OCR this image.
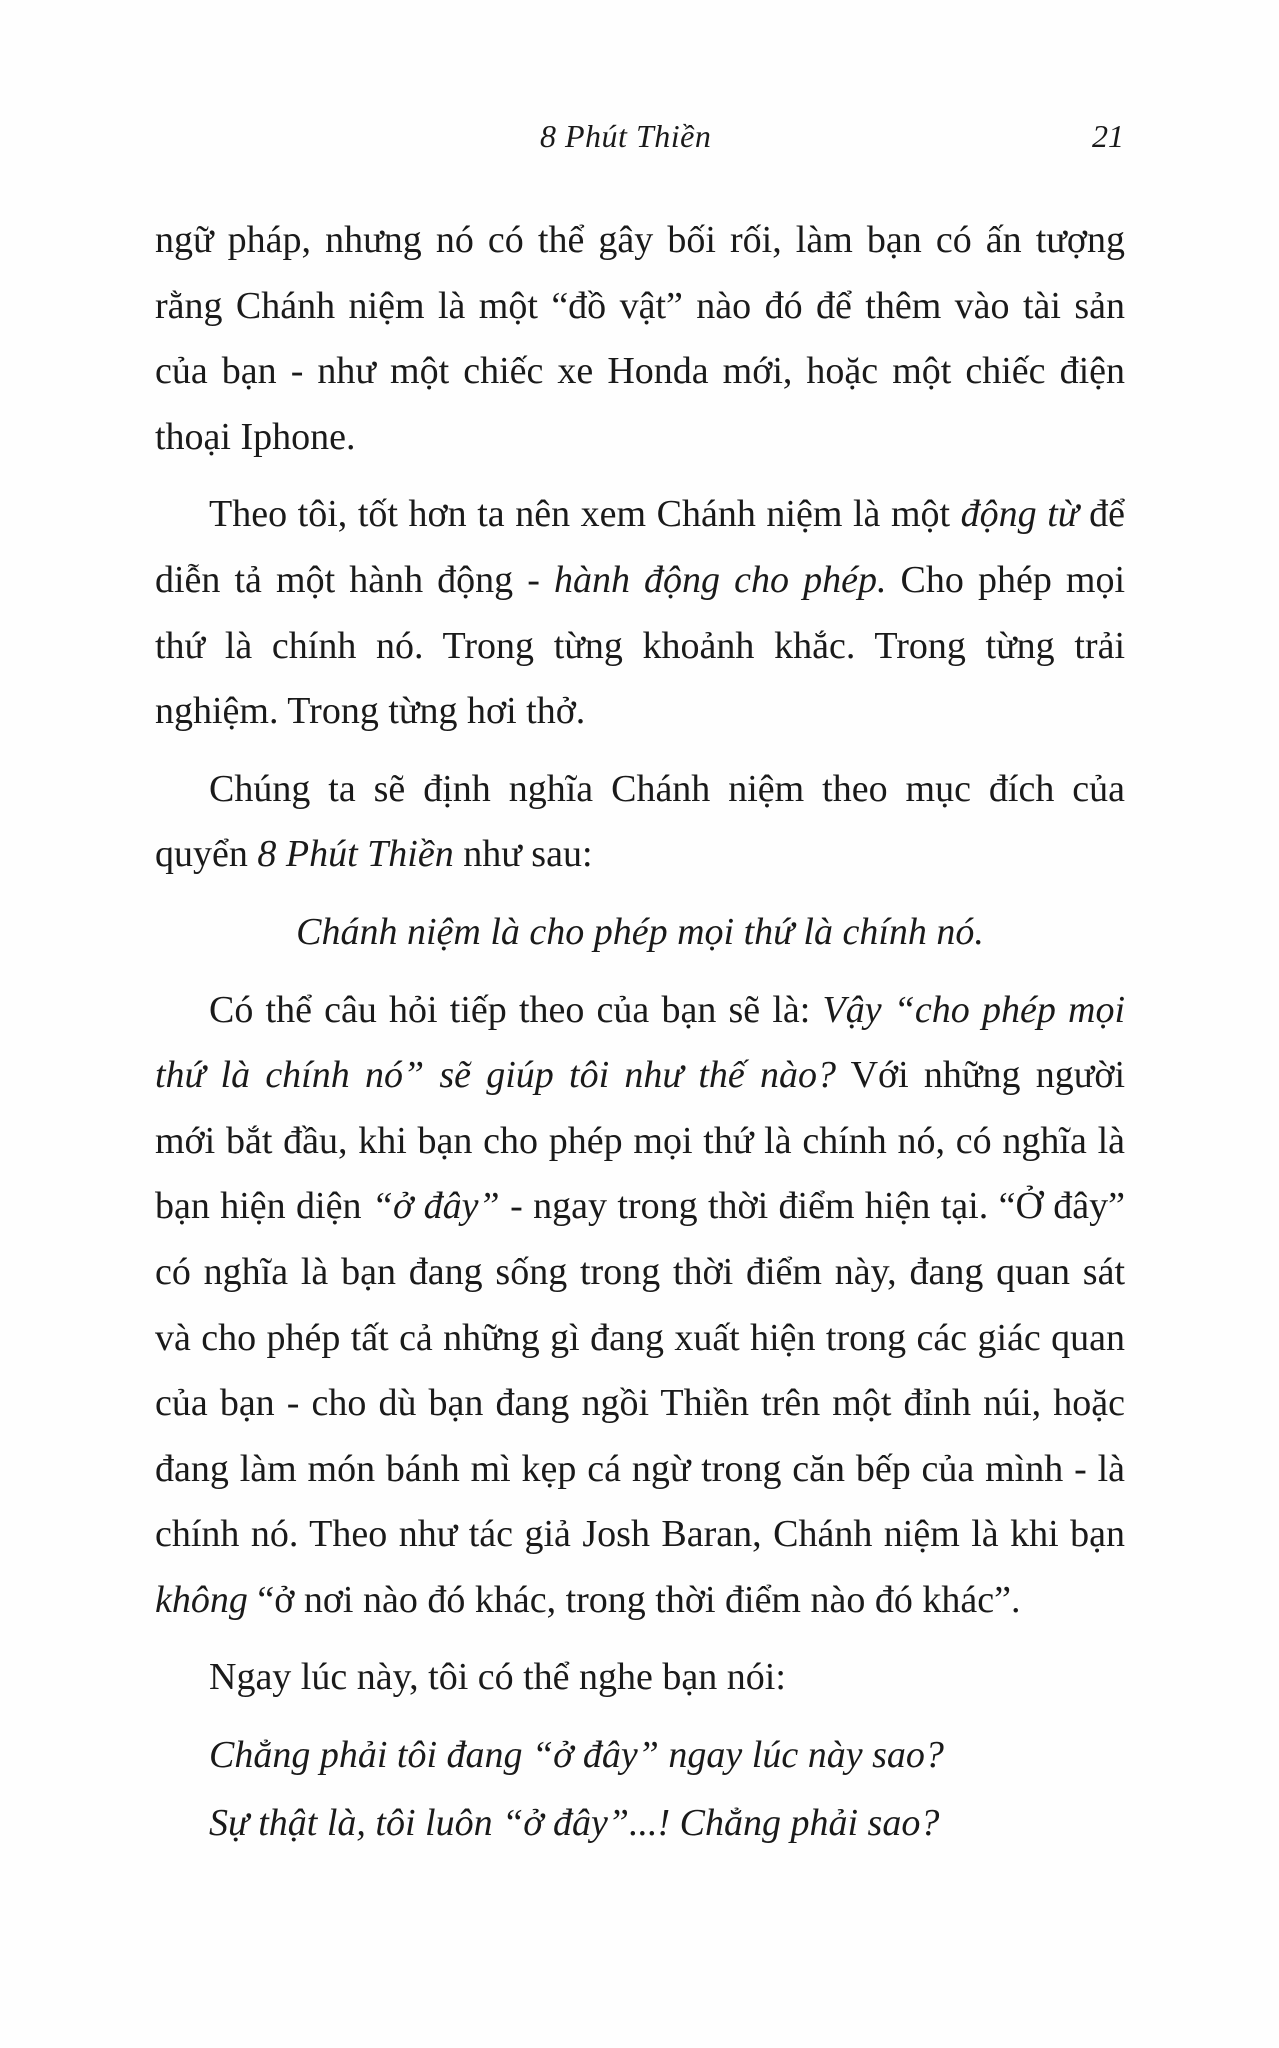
8 Phút Thiền	21

ngữ pháp, nhưng nó có thể gây bối rối, làm bạn có ấn tượng rằng Chánh niệm là một “đồ vật” nào đó để thêm vào tài sản của bạn - như một chiếc xe Honda mới, hoặc một chiếc điện thoại Iphone.

Theo tôi, tốt hơn ta nên xem Chánh niệm là một động từ để diễn tả một hành động - hành động cho phép. Cho phép mọi thứ là chính nó. Trong từng khoảnh khắc. Trong từng trải nghiệm. Trong từng hơi thở.

Chúng ta sẽ định nghĩa Chánh niệm theo mục đích của quyển 8 Phút Thiền như sau:

Chánh niệm là cho phép mọi thứ là chính nó.

Có thể câu hỏi tiếp theo của bạn sẽ là: Vậy “cho phép mọi thứ là chính nó” sẽ giúp tôi như thế nào? Với những người mới bắt đầu, khi bạn cho phép mọi thứ là chính nó, có nghĩa là bạn hiện diện “ở đây” - ngay trong thời điểm hiện tại. “Ở đây” có nghĩa là bạn đang sống trong thời điểm này, đang quan sát và cho phép tất cả những gì đang xuất hiện trong các giác quan của bạn - cho dù bạn đang ngồi Thiền trên một đỉnh núi, hoặc đang làm món bánh mì kẹp cá ngừ trong căn bếp của mình - là chính nó. Theo như tác giả Josh Baran, Chánh niệm là khi bạn không “ở nơi nào đó khác, trong thời điểm nào đó khác”.

Ngay lúc này, tôi có thể nghe bạn nói:

Chẳng phải tôi đang “ở đây” ngay lúc này sao?

Sự thật là, tôi luôn “ở đây”...! Chẳng phải sao?
